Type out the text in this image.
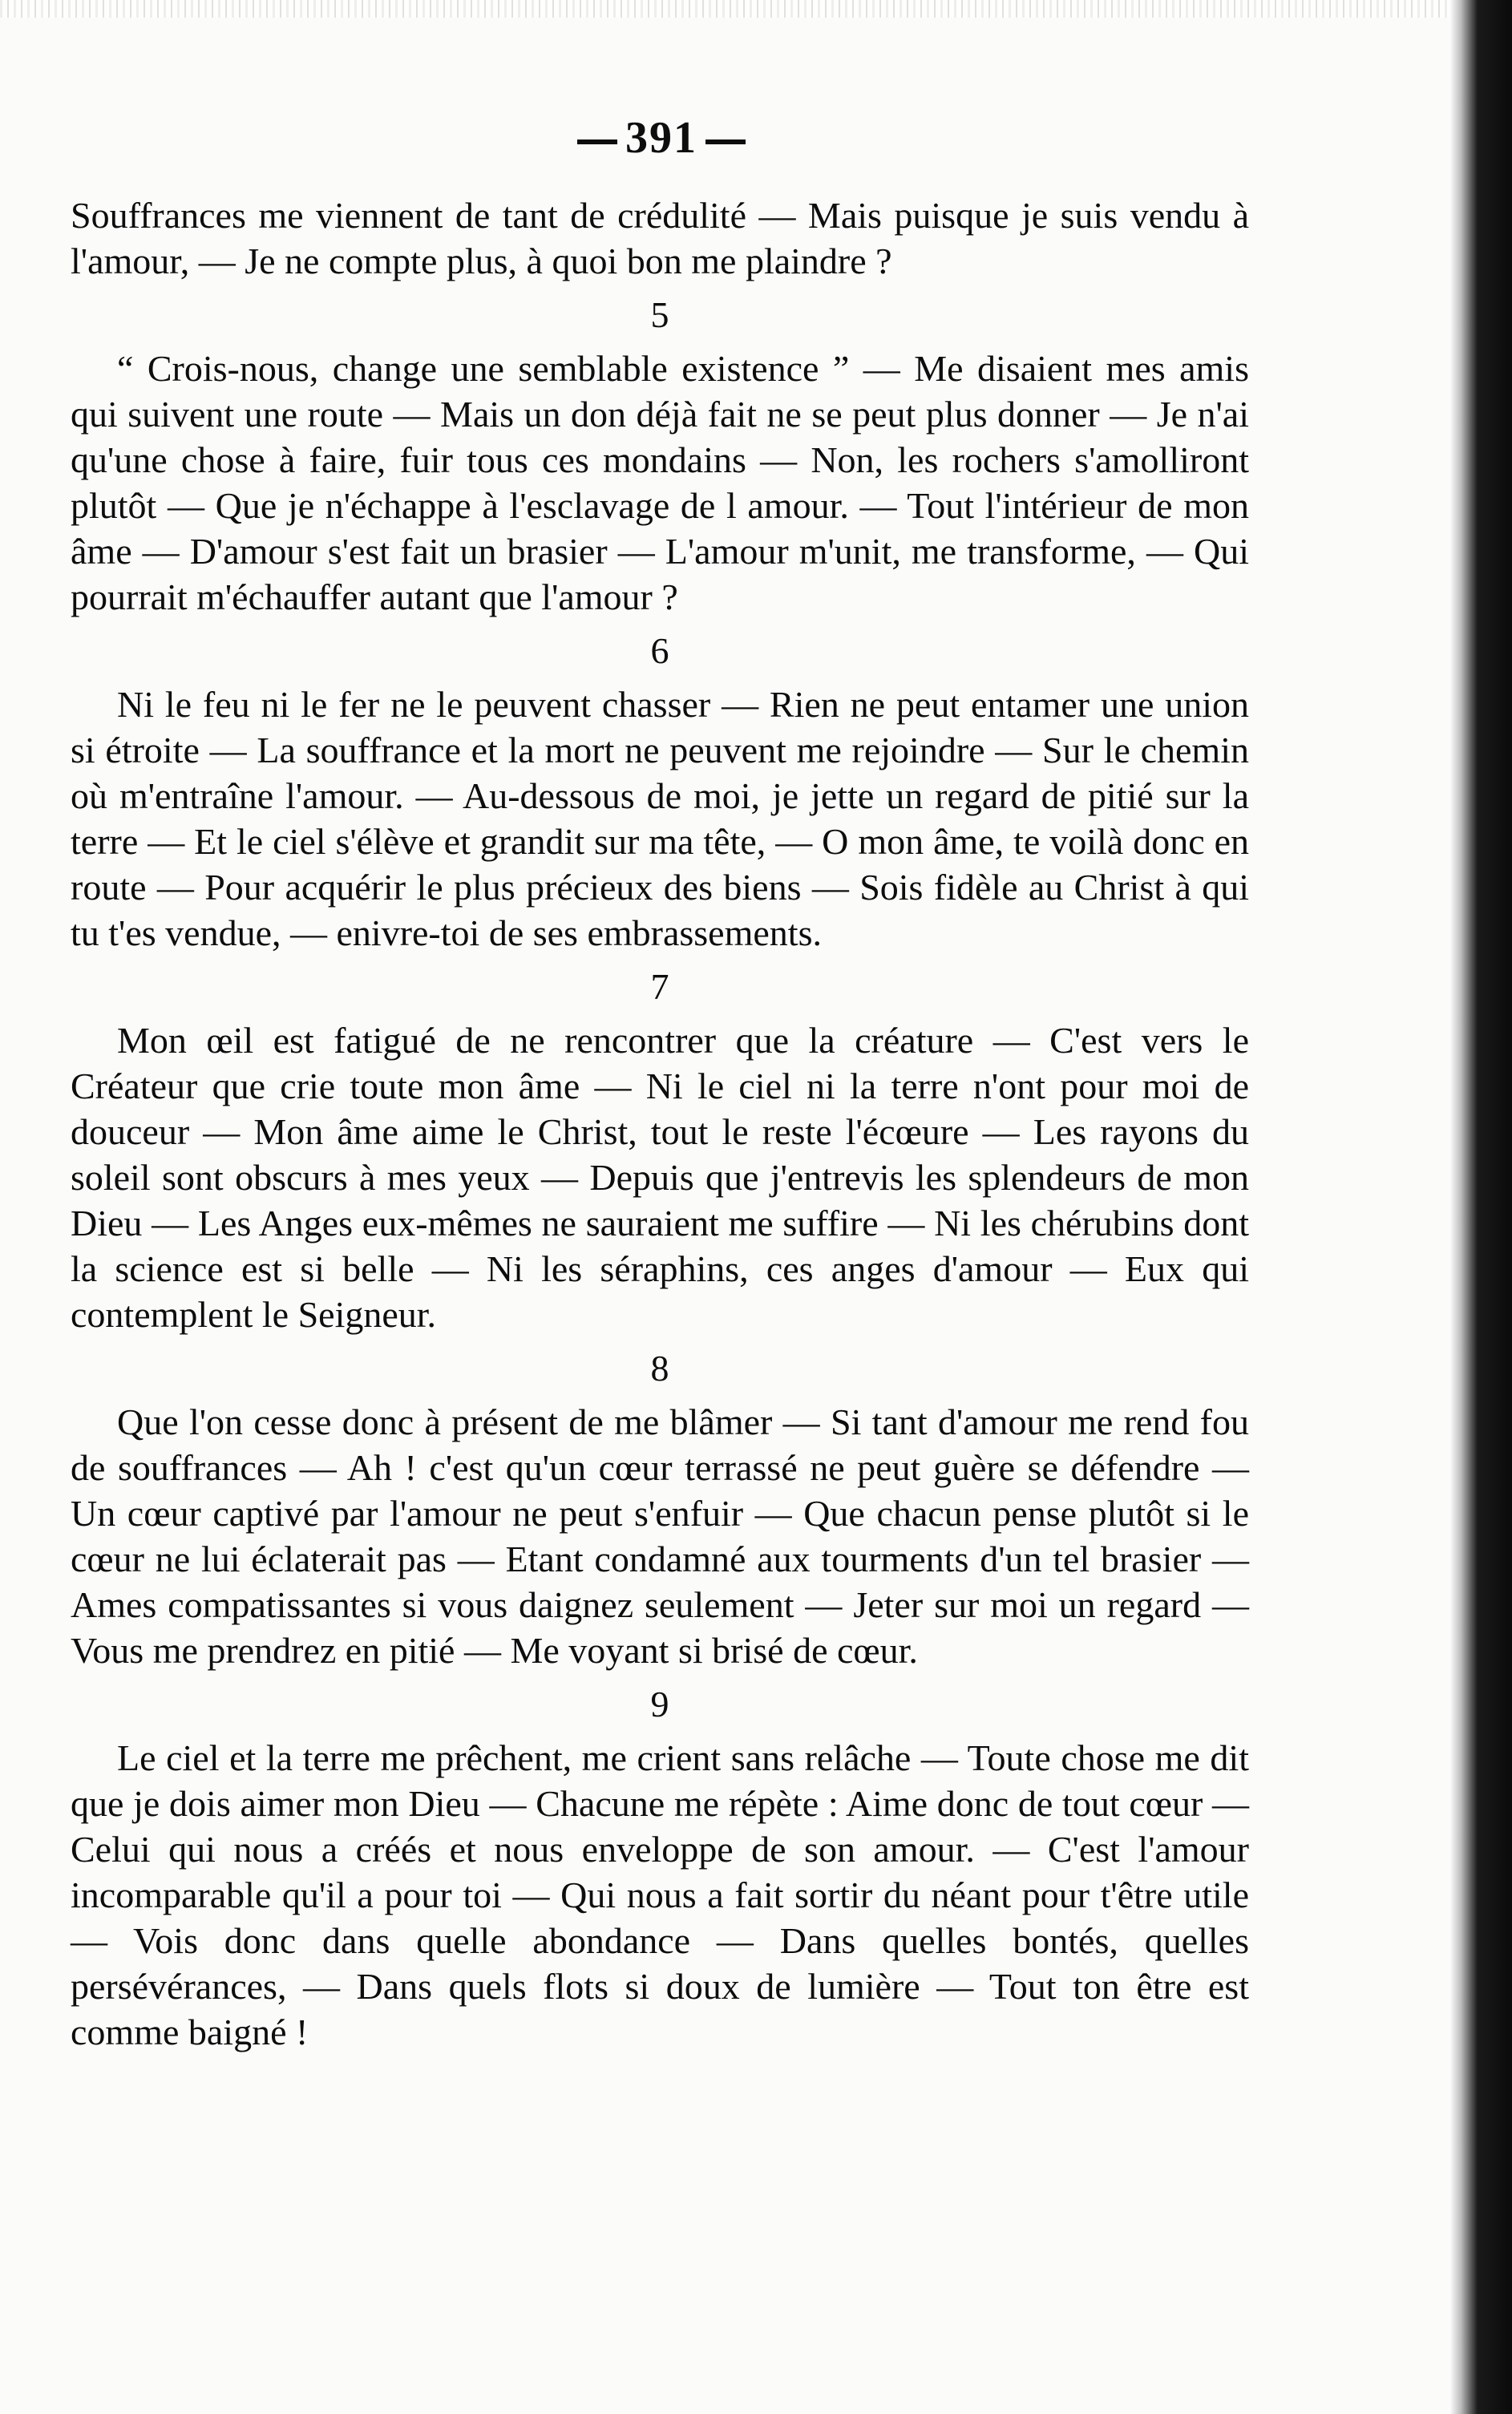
391
Souffrances me viennent de tant de crédulité — Mais puisque je suis vendu à l'amour, — Je ne compte plus, à quoi bon me plaindre ?
5
“ Crois-nous, change une semblable existence ” — Me disaient mes amis qui suivent une route — Mais un don déjà fait ne se peut plus donner — Je n'ai qu'une chose à faire, fuir tous ces mondains — Non, les rochers s'amolliront plutôt — Que je n'échappe à l'esclavage de l amour. — Tout l'intérieur de mon âme — D'amour s'est fait un brasier — L'amour m'unit, me transforme, — Qui pourrait m'échauffer autant que l'amour ?
6
Ni le feu ni le fer ne le peuvent chasser — Rien ne peut entamer une union si étroite — La souffrance et la mort ne peuvent me rejoindre — Sur le chemin où m'entraîne l'amour. — Au-dessous de moi, je jette un regard de pitié sur la terre — Et le ciel s'élève et grandit sur ma tête, — O mon âme, te voilà donc en route — Pour acquérir le plus précieux des biens — Sois fidèle au Christ à qui tu t'es vendue, — enivre-toi de ses embrassements.
7
Mon œil est fatigué de ne rencontrer que la créature — C'est vers le Créateur que crie toute mon âme — Ni le ciel ni la terre n'ont pour moi de douceur — Mon âme aime le Christ, tout le reste l'écœure — Les rayons du soleil sont obscurs à mes yeux — Depuis que j'entrevis les splendeurs de mon Dieu — Les Anges eux-mêmes ne sauraient me suffire — Ni les chérubins dont la science est si belle — Ni les séraphins, ces anges d'amour — Eux qui contemplent le Seigneur.
8
Que l'on cesse donc à présent de me blâmer — Si tant d'amour me rend fou de souffrances — Ah ! c'est qu'un cœur terrassé ne peut guère se défendre — Un cœur captivé par l'amour ne peut s'enfuir — Que chacun pense plutôt si le cœur ne lui éclaterait pas — Etant condamné aux tourments d'un tel brasier — Ames compatissantes si vous daignez seulement — Jeter sur moi un regard — Vous me prendrez en pitié — Me voyant si brisé de cœur.
9
Le ciel et la terre me prêchent, me crient sans relâche — Toute chose me dit que je dois aimer mon Dieu — Chacune me répète : Aime donc de tout cœur — Celui qui nous a créés et nous enveloppe de son amour. — C'est l'amour incomparable qu'il a pour toi — Qui nous a fait sortir du néant pour t'être utile — Vois donc dans quelle abondance — Dans quelles bontés, quelles persévérances, — Dans quels flots si doux de lumière — Tout ton être est comme baigné !
